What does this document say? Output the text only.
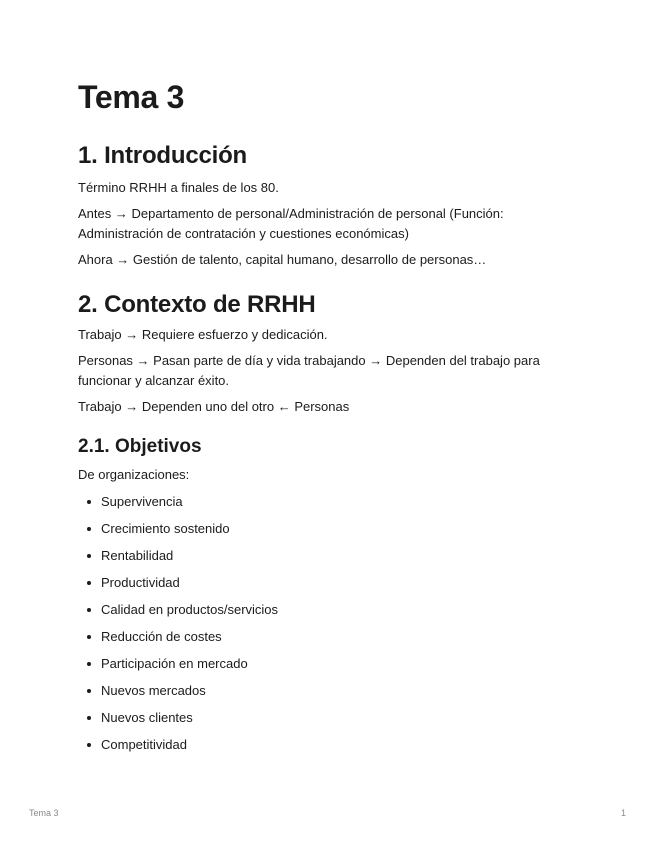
Tema 3
1. Introducción

Término RRHH a finales de los 80.

Antes → Departamento de personal/Administración de personal (Función: Administración de contratación y cuestiones económicas)

Ahora → Gestión de talento, capital humano, desarrollo de personas…

2. Contexto de RRHH

Trabajo → Requiere esfuerzo y dedicación.

Personas → Pasan parte de día y vida trabajando → Dependen del trabajo para funcionar y alcanzar éxito.

Trabajo → Dependen uno del otro ← Personas

2.1. Objetivos

De organizaciones:

Supervivencia
Crecimiento sostenido
Rentabilidad
Productividad
Calidad en productos/servicios
Reducción de costes
Participación en mercado
Nuevos mercados
Nuevos clientes
Competitividad
Tema 3	1
